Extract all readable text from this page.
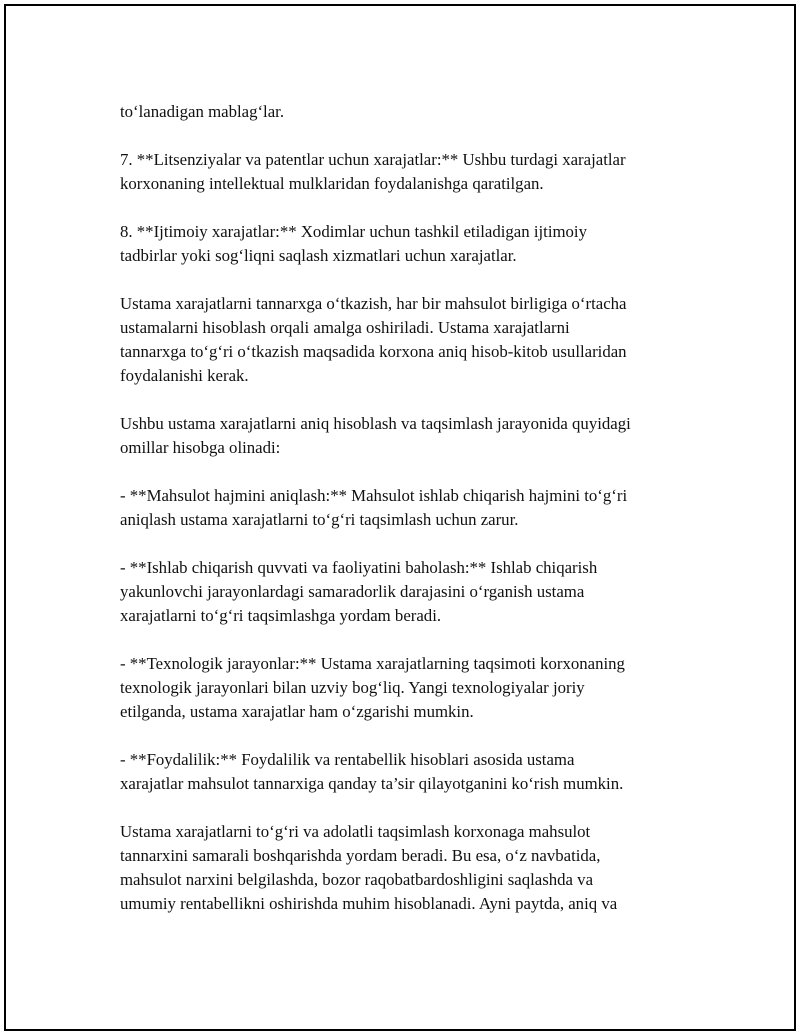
to‘lanadigan mablag‘lar.

7. **Litsenziyalar va patentlar uchun xarajatlar:** Ushbu turdagi xarajatlar
korxonaning intellektual mulklaridan foydalanishga qaratilgan.

8. **Ijtimoiy xarajatlar:** Xodimlar uchun tashkil etiladigan ijtimoiy
tadbirlar yoki sog‘liqni saqlash xizmatlari uchun xarajatlar.

Ustama xarajatlarni tannarxga o‘tkazish, har bir mahsulot birligiga o‘rtacha
ustamalarni hisoblash orqali amalga oshiriladi. Ustama xarajatlarni
tannarxga to‘g‘ri o‘tkazish maqsadida korxona aniq hisob-kitob usullaridan
foydalanishi kerak.

Ushbu ustama xarajatlarni aniq hisoblash va taqsimlash jarayonida quyidagi
omillar hisobga olinadi:

- **Mahsulot hajmini aniqlash:** Mahsulot ishlab chiqarish hajmini to‘g‘ri
aniqlash ustama xarajatlarni to‘g‘ri taqsimlash uchun zarur.

- **Ishlab chiqarish quvvati va faoliyatini baholash:** Ishlab chiqarish
yakunlovchi jarayonlardagi samaradorlik darajasini o‘rganish ustama
xarajatlarni to‘g‘ri taqsimlashga yordam beradi.

- **Texnologik jarayonlar:** Ustama xarajatlarning taqsimoti korxonaning
texnologik jarayonlari bilan uzviy bog‘liq. Yangi texnologiyalar joriy
etilganda, ustama xarajatlar ham o‘zgarishi mumkin.

- **Foydalilik:** Foydalilik va rentabellik hisoblari asosida ustama
xarajatlar mahsulot tannarxiga qanday ta’sir qilayotganini ko‘rish mumkin.

Ustama xarajatlarni to‘g‘ri va adolatli taqsimlash korxonaga mahsulot
tannarxini samarali boshqarishda yordam beradi. Bu esa, o‘z navbatida,
mahsulot narxini belgilashda, bozor raqobatbardoshligini saqlashda va
umumiy rentabellikni oshirishda muhim hisoblanadi. Ayni paytda, aniq va
